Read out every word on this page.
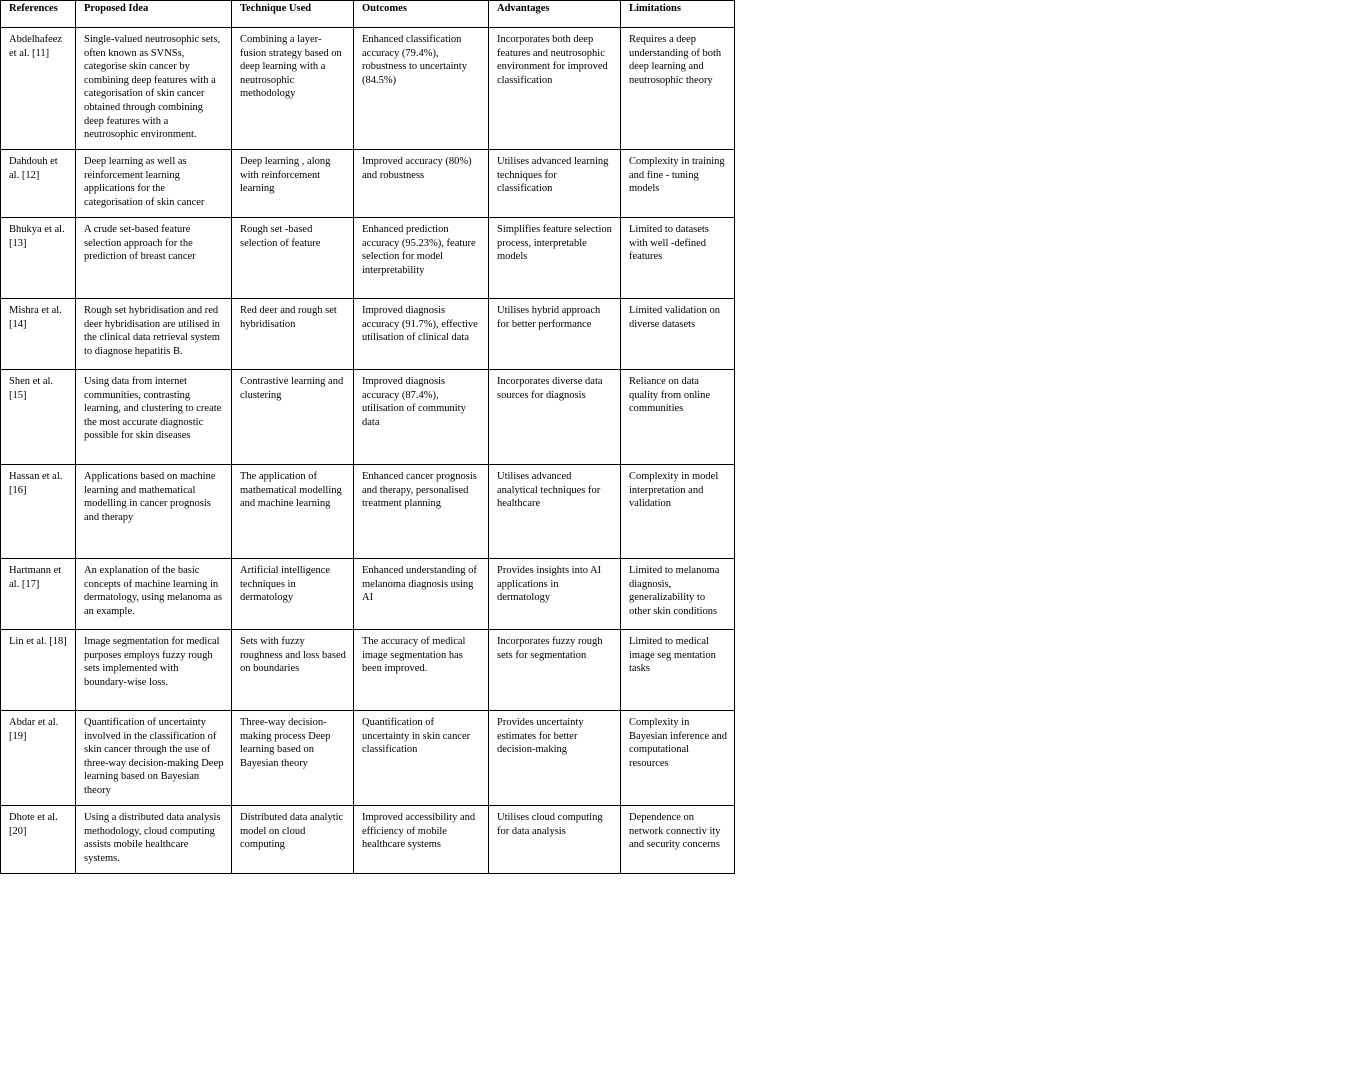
References	Proposed Idea	Technique Used	Outcomes	Advantages	Limitations
Abdelhafeez et al. [11]	Single-valued neutrosophic sets, often known as SVNSs, categorise skin cancer by combining deep features with a categorisation of skin cancer obtained through combining deep features with a neutrosophic environment.	Combining a layer-fusion strategy based on deep learning with a neutrosophic methodology	Enhanced classification accuracy (79.4%), robustness to uncertainty (84.5%)	Incorporates both deep features and neutrosophic environment for improved classification	Requires a deep understanding of both deep learning and neutrosophic theory
Dahdouh et al. [12]	Deep learning as well as reinforcement learning applications for the categorisation of skin cancer	Deep learning , along with reinforcement learning	Improved accuracy (80%) and robustness	Utilises advanced learning techniques for classification	Complexity in training and fine - tuning models
Bhukya et al. [13]	A crude set-based feature selection approach for the prediction of breast cancer	Rough set -based selection of feature	Enhanced prediction accuracy (95.23%), feature selection for model interpretability	Simplifies feature selection process, interpretable models	Limited to datasets with well -defined features
Mishra et al. [14]	Rough set hybridisation and red deer hybridisation are utilised in the clinical data retrieval system to diagnose hepatitis B.	Red deer and rough set hybridisation	Improved diagnosis accuracy (91.7%), effective utilisation of clinical data	Utilises hybrid approach for better performance	Limited validation on diverse datasets
Shen et al. [15]	Using data from internet communities, contrasting learning, and clustering to create the most accurate diagnostic possible for skin diseases	Contrastive learning and clustering	Improved diagnosis accuracy (87.4%), utilisation of community data	Incorporates diverse data sources for diagnosis	Reliance on data quality from online communities
Hassan et al. [16]	Applications based on machine learning and mathematical modelling in cancer prognosis and therapy	The application of mathematical modelling and machine learning	Enhanced cancer prognosis and therapy, personalised treatment planning	Utilises advanced analytical techniques for healthcare	Complexity in model interpretation and validation
Hartmann et al. [17]	An explanation of the basic concepts of machine learning in dermatology, using melanoma as an example.	Artificial intelligence techniques in dermatology	Enhanced understanding of melanoma diagnosis using AI	Provides insights into AI applications in dermatology	Limited to melanoma diagnosis, generalizability to other skin conditions
Lin et al. [18]	Image segmentation for medical purposes employs fuzzy rough sets implemented with boundary-wise loss.	Sets with fuzzy roughness and loss based on boundaries	The accuracy of medical image segmentation has been improved.	Incorporates fuzzy rough sets for segmentation	Limited to medical image seg mentation tasks
Abdar et al. [19]	Quantification of uncertainty involved in the classification of skin cancer through the use of three-way decision-making Deep learning based on Bayesian theory	Three-way decision-making process Deep learning based on Bayesian theory	Quantification of uncertainty in skin cancer classification	Provides uncertainty estimates for better decision-making	Complexity in Bayesian inference and computational resources
Dhote et al. [20]	Using a distributed data analysis methodology, cloud computing assists mobile healthcare systems.	Distributed data analytic model on cloud computing	Improved accessibility and efficiency of mobile healthcare systems	Utilises cloud computing for data analysis	Dependence on network connectiv ity and security concerns
